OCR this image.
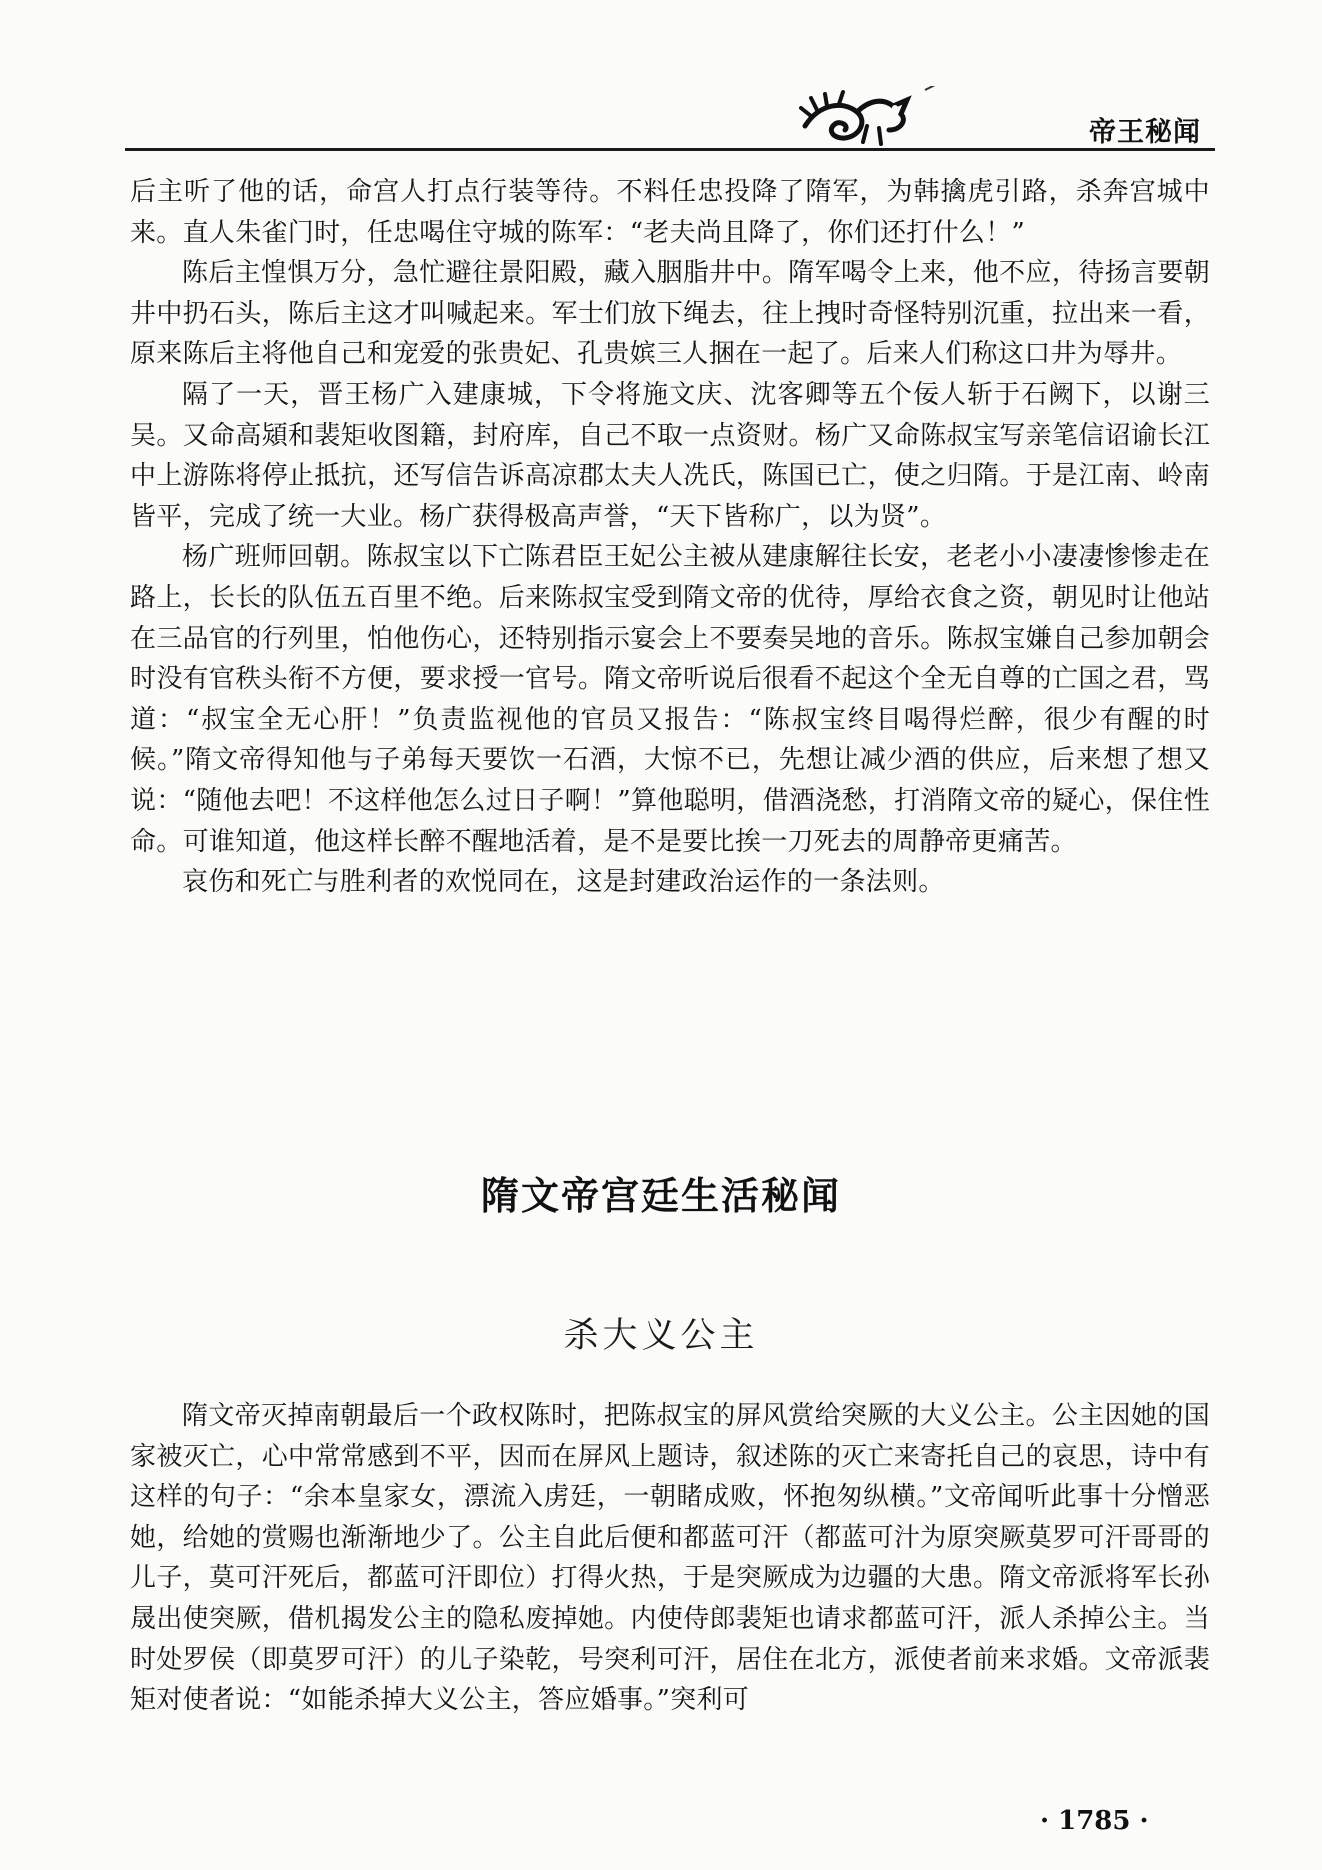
帝王秘闻

后主听了他的话，命宫人打点行装等待。不料任忠投降了隋军，为韩擒虎引路，杀奔宫城中来。直人朱雀门时，任忠喝住守城的陈军：“老夫尚且降了，你们还打什么！”

陈后主惶惧万分，急忙避往景阳殿，藏入胭脂井中。隋军喝令上来，他不应，待扬言要朝井中扔石头，陈后主这才叫喊起来。军士们放下绳去，往上拽时奇怪特别沉重，拉出来一看，原来陈后主将他自己和宠爱的张贵妃、孔贵嫔三人捆在一起了。后来人们称这口井为辱井。

隔了一天，晋王杨广入建康城，下令将施文庆、沈客卿等五个佞人斩于石阙下，以谢三吴。又命高熲和裴矩收图籍，封府库，自己不取一点资财。杨广又命陈叔宝写亲笔信诏谕长江中上游陈将停止抵抗，还写信告诉高凉郡太夫人冼氏，陈国已亡，使之归隋。于是江南、岭南皆平，完成了统一大业。杨广获得极高声誉，“天下皆称广，以为贤”。

杨广班师回朝。陈叔宝以下亡陈君臣王妃公主被从建康解往长安，老老小小凄凄惨惨走在路上，长长的队伍五百里不绝。后来陈叔宝受到隋文帝的优待，厚给衣食之资，朝见时让他站在三品官的行列里，怕他伤心，还特别指示宴会上不要奏吴地的音乐。陈叔宝嫌自己参加朝会时没有官秩头衔不方便，要求授一官号。隋文帝听说后很看不起这个全无自尊的亡国之君，骂道：“叔宝全无心肝！”负责监视他的官员又报告：“陈叔宝终目喝得烂醉，很少有醒的时候。”隋文帝得知他与子弟每天要饮一石酒，大惊不已，先想让减少酒的供应，后来想了想又说：“随他去吧！不这样他怎么过日子啊！”算他聪明，借酒浇愁，打消隋文帝的疑心，保住性命。可谁知道，他这样长醉不醒地活着，是不是要比挨一刀死去的周静帝更痛苦。

哀伤和死亡与胜利者的欢悦同在，这是封建政治运作的一条法则。

隋文帝宫廷生活秘闻
杀大义公主

隋文帝灭掉南朝最后一个政权陈时，把陈叔宝的屏风赏给突厥的大义公主。公主因她的国家被灭亡，心中常常感到不平，因而在屏风上题诗，叙述陈的灭亡来寄托自己的哀思，诗中有这样的句子：“余本皇家女，漂流入虏廷，一朝睹成败，怀抱匆纵横。”文帝闻听此事十分憎恶她，给她的赏赐也渐渐地少了。公主自此后便和都蓝可汗（都蓝可汁为原突厥莫罗可汗哥哥的儿子，莫可汗死后，都蓝可汗即位）打得火热，于是突厥成为边疆的大患。隋文帝派将军长孙晟出使突厥，借机揭发公主的隐私废掉她。内使侍郎裴矩也请求都蓝可汗，派人杀掉公主。当时处罗侯（即莫罗可汗）的儿子染乾，号突利可汗，居住在北方，派使者前来求婚。文帝派裴矩对使者说：“如能杀掉大义公主，答应婚事。”突利可

· 1785 ·
